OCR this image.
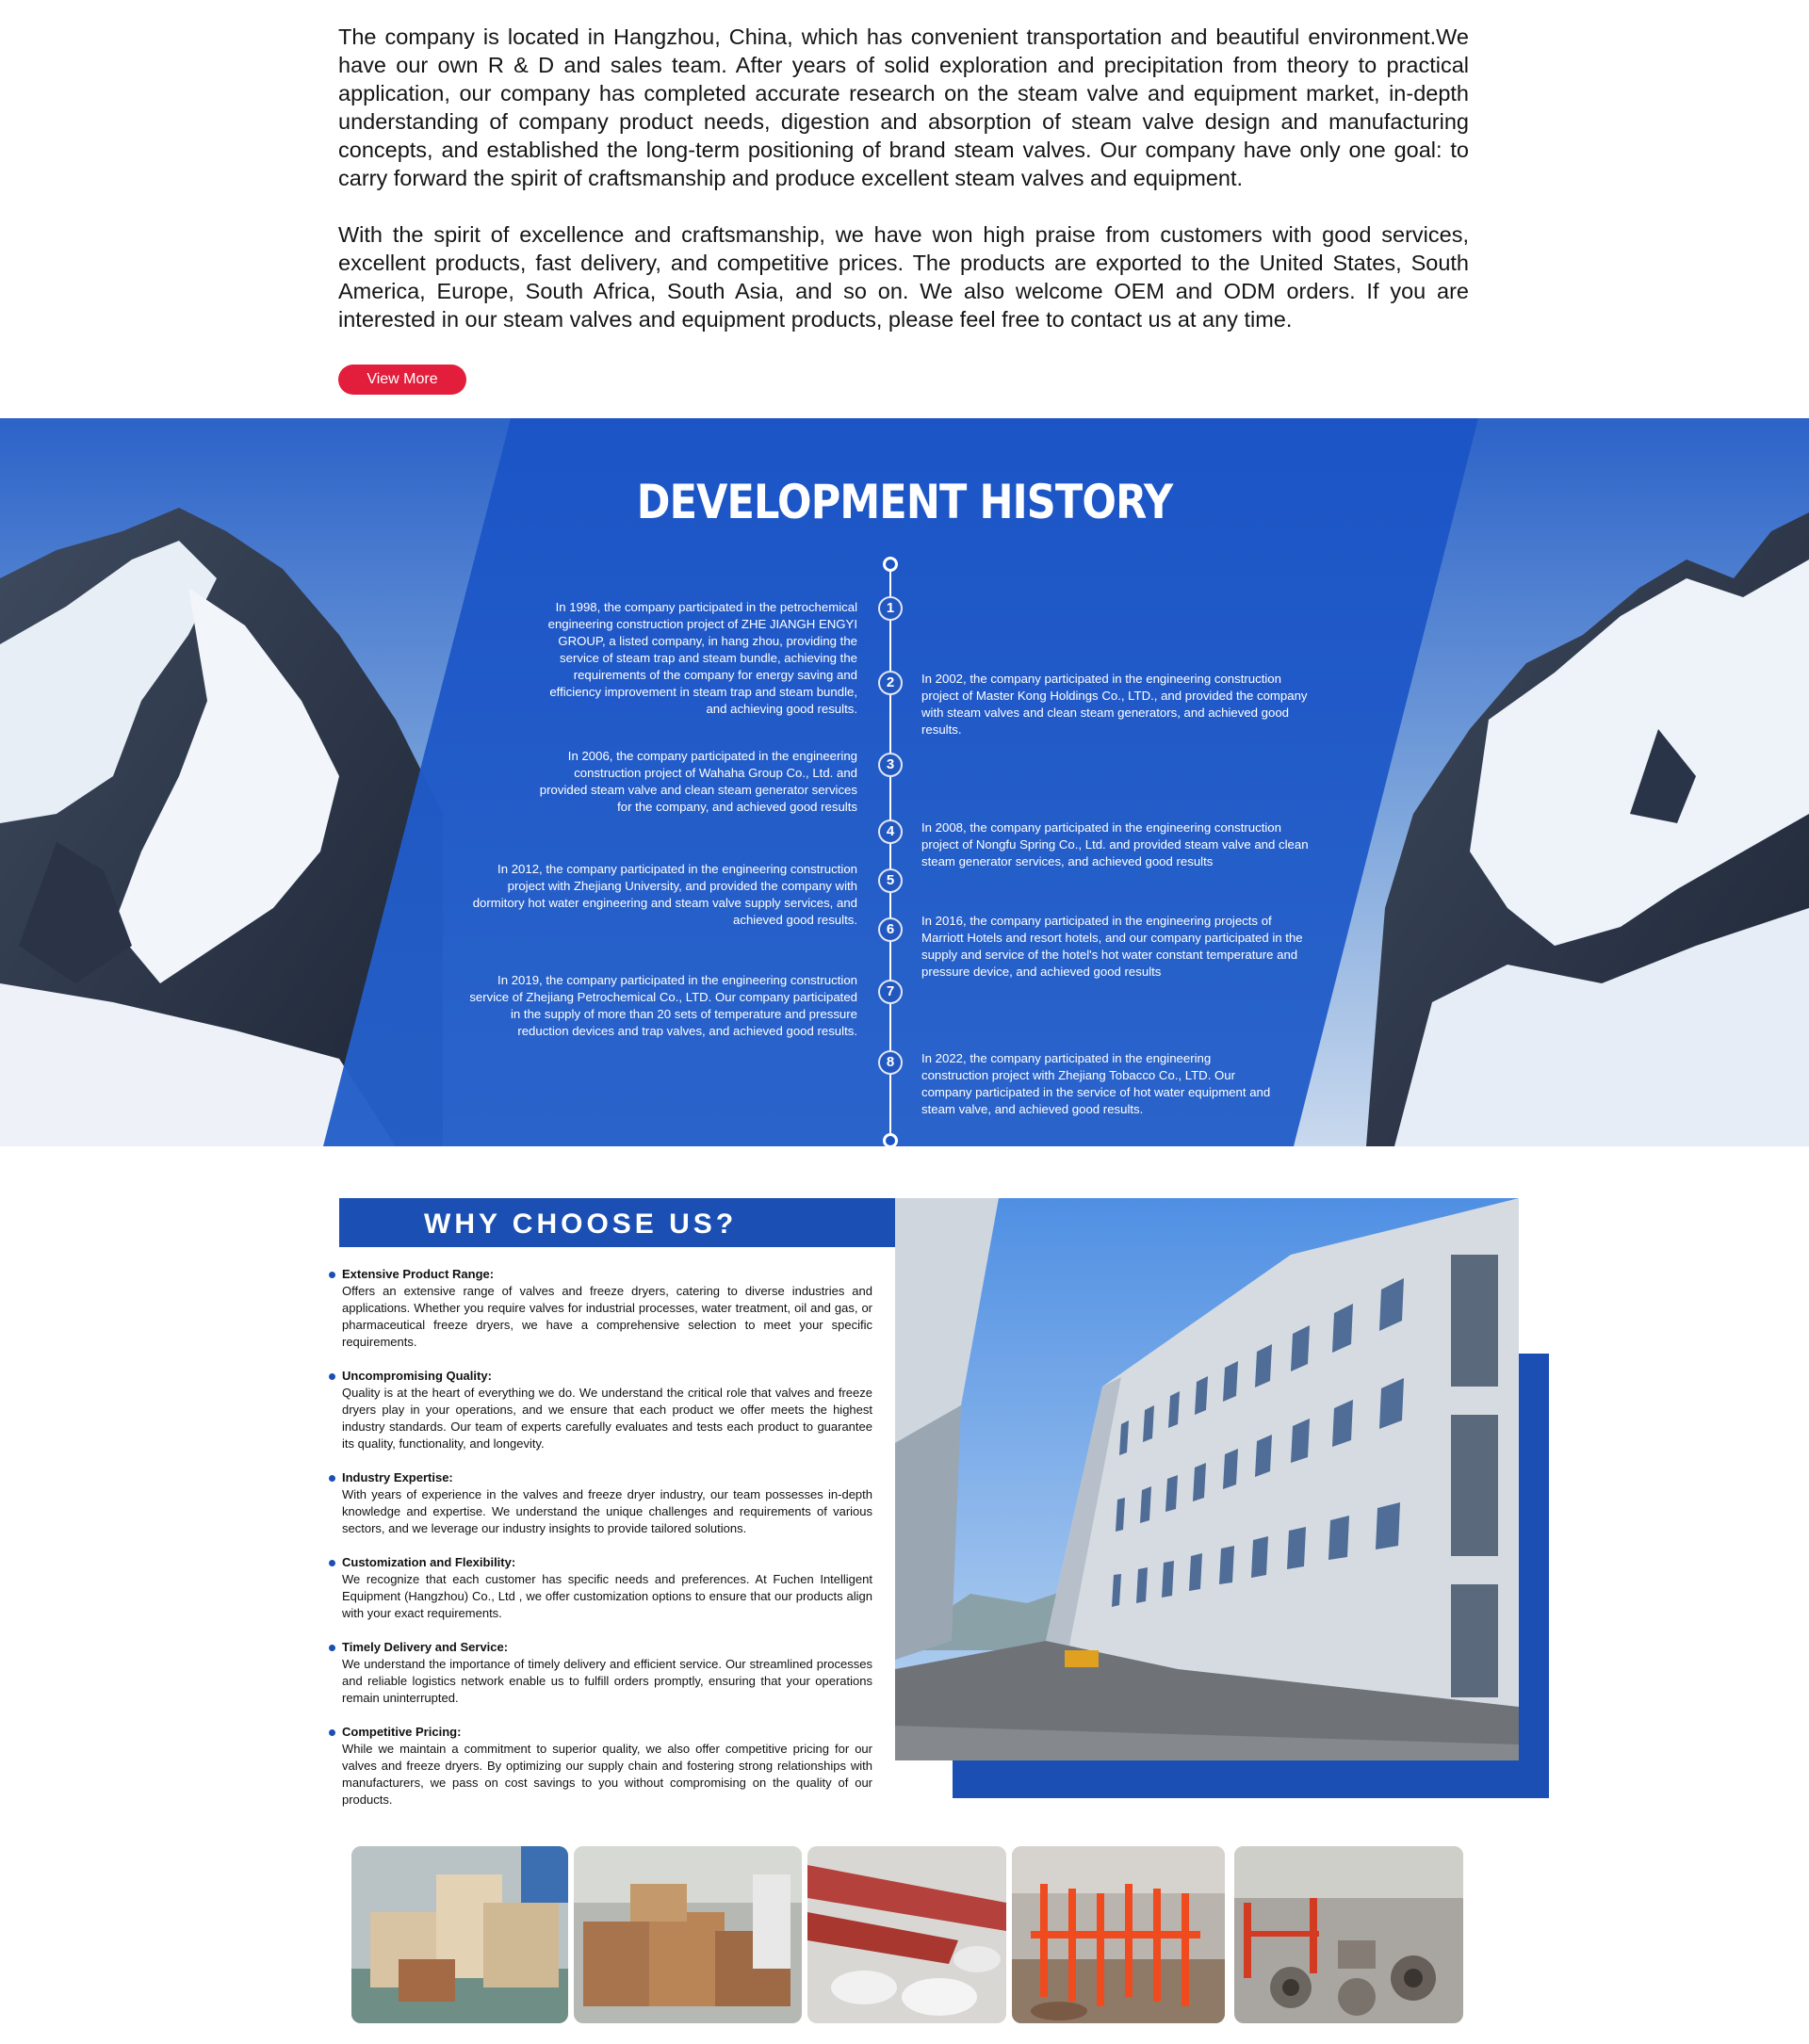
The company is located in Hangzhou, China, which has convenient transportation and beautiful environment.We have our own R & D and sales team. After years of solid exploration and precipitation from theory to practical application, our company has completed accurate research on the steam valve and equipment market, in-depth understanding of company product needs, digestion and absorption of steam valve design and manufacturing concepts, and established the long-term positioning of brand steam valves. Our company have only one goal: to carry forward the spirit of craftsmanship and produce excellent steam valves and equipment.

With the spirit of excellence and craftsmanship, we have won high praise from customers with good services, excellent products, fast delivery, and competitive prices. The products are exported to the United States, South America, Europe, South Africa, South Asia, and so on. We also welcome OEM and ODM orders. If you are interested in our steam valves and equipment products, please feel free to contact us at any time.

View More
DEVELOPMENT HISTORY
1
2
3
4
5
6
7
8
In 1998, the company participated in the petrochemical engineering construction project of ZHE JIANGH ENGYI GROUP, a listed company, in hang zhou, providing the service of steam trap and steam bundle, achieving the requirements of the company for energy saving and efficiency improvement in steam trap and steam bundle, and achieving good results.
In 2002, the company participated in the engineering construction project of Master Kong Holdings Co., LTD., and provided the company with steam valves and clean steam generators, and achieved good results.
In 2006, the company participated in the engineering construction project of Wahaha Group Co., Ltd. and provided steam valve and clean steam generator services for the company, and achieved good results
In 2008, the company participated in the engineering construction project of Nongfu Spring Co., Ltd. and provided steam valve and clean steam generator services, and achieved good results
In 2012, the company participated in the engineering construction project with Zhejiang University, and provided the company with dormitory hot water engineering and steam valve supply services, and achieved good results.	In 2016, the company participated in the engineering projects of Marriott Hotels and resort hotels, and our company participated in the supply and service of the hotel's hot water constant temperature and pressure device, and achieved good results
In 2019, the company participated in the engineering construction service of Zhejiang Petrochemical Co., LTD. Our company participated in the supply of more than 20 sets of temperature and pressure reduction devices and trap valves, and achieved good results.
In 2022, the company participated in the engineering construction project with Zhejiang Tobacco Co., LTD. Our company participated in the service of hot water equipment and steam valve, and achieved good results.
WHY CHOOSE US?
Extensive Product Range:
Offers an extensive range of valves and freeze dryers, catering to diverse industries and applications. Whether you require valves for industrial processes, water treatment, oil and gas, or pharmaceutical freeze dryers, we have a comprehensive selection to meet your specific requirements.
Uncompromising Quality:
Quality is at the heart of everything we do. We understand the critical role that valves and freeze dryers play in your operations, and we ensure that each product we offer meets the highest industry standards. Our team of experts carefully evaluates and tests each product to guarantee its quality, functionality, and longevity.
Industry Expertise:
With years of experience in the valves and freeze dryer industry, our team possesses in-depth knowledge and expertise. We understand the unique challenges and requirements of various sectors, and we leverage our industry insights to provide tailored solutions.
Customization and Flexibility:
We recognize that each customer has specific needs and preferences. At Fuchen Intelligent Equipment (Hangzhou) Co., Ltd , we offer customization options to ensure that our products align with your exact requirements.
Timely Delivery and Service:
We understand the importance of timely delivery and efficient service. Our streamlined processes and reliable logistics network enable us to fulfill orders promptly, ensuring that your operations remain uninterrupted.
Competitive Pricing:
While we maintain a commitment to superior quality, we also offer competitive pricing for our valves and freeze dryers. By optimizing our supply chain and fostering strong relationships with manufacturers, we pass on cost savings to you without compromising on the quality of our products.
